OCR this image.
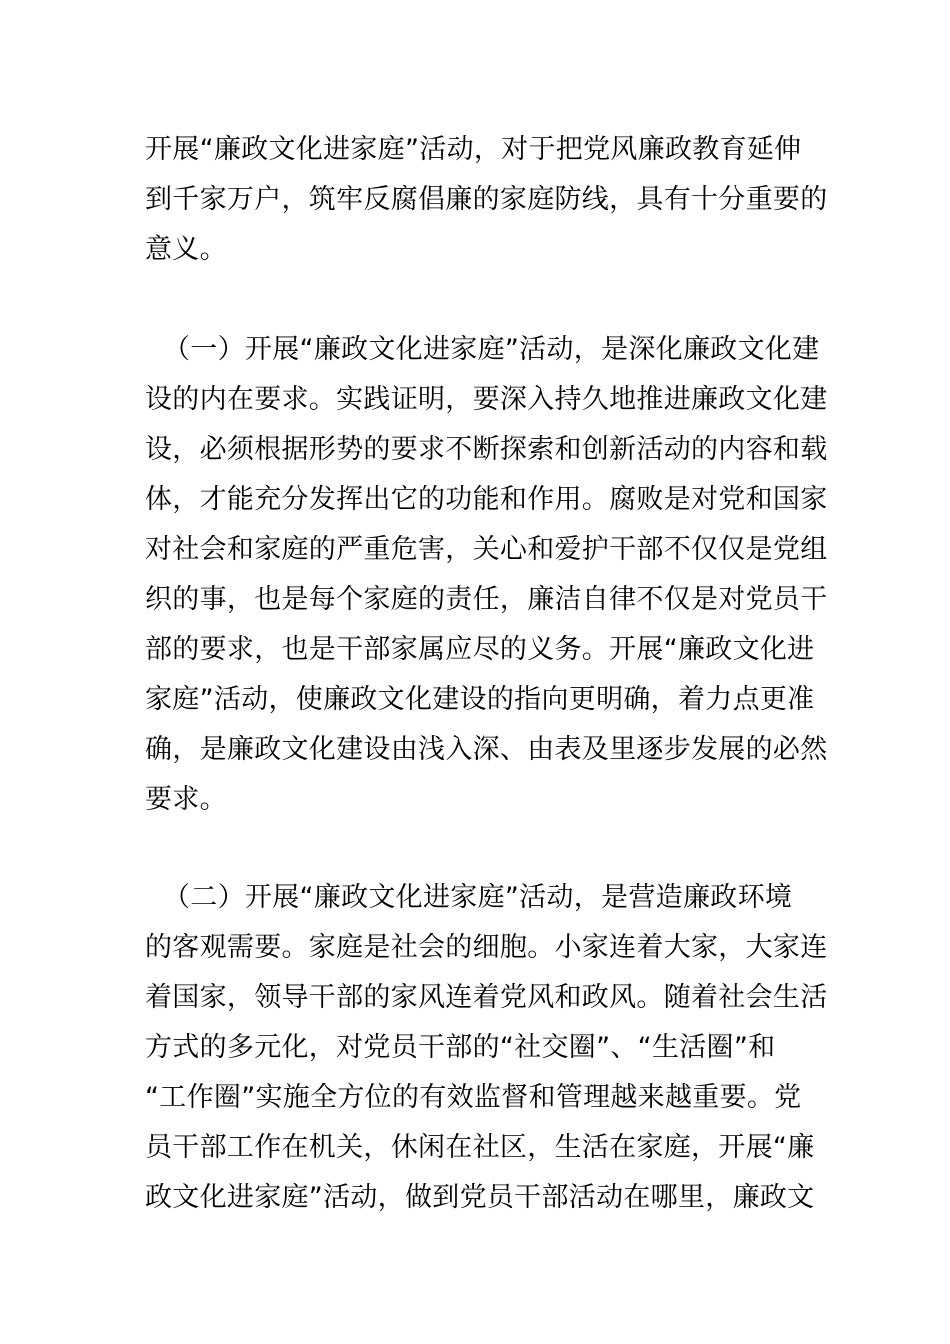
开展“廉政文化进家庭”活动，对于把党风廉政教育延伸
到千家万户，筑牢反腐倡廉的家庭防线，具有十分重要的
意义。
（一）开展“廉政文化进家庭”活动，是深化廉政文化建
设的内在要求。实践证明，要深入持久地推进廉政文化建
设，必须根据形势的要求不断探索和创新活动的内容和载
体，才能充分发挥出它的功能和作用。腐败是对党和国家
对社会和家庭的严重危害，关心和爱护干部不仅仅是党组
织的事，也是每个家庭的责任，廉洁自律不仅是对党员干
部的要求，也是干部家属应尽的义务。开展“廉政文化进
家庭”活动，使廉政文化建设的指向更明确，着力点更准
确，是廉政文化建设由浅入深、由表及里逐步发展的必然
要求。
（二）开展“廉政文化进家庭”活动，是营造廉政环境
的客观需要。家庭是社会的细胞。小家连着大家，大家连
着国家，领导干部的家风连着党风和政风。随着社会生活
方式的多元化，对党员干部的“社交圈”、“生活圈”和
“工作圈”实施全方位的有效监督和管理越来越重要。党
员干部工作在机关，休闲在社区，生活在家庭，开展“廉
政文化进家庭”活动，做到党员干部活动在哪里，廉政文
